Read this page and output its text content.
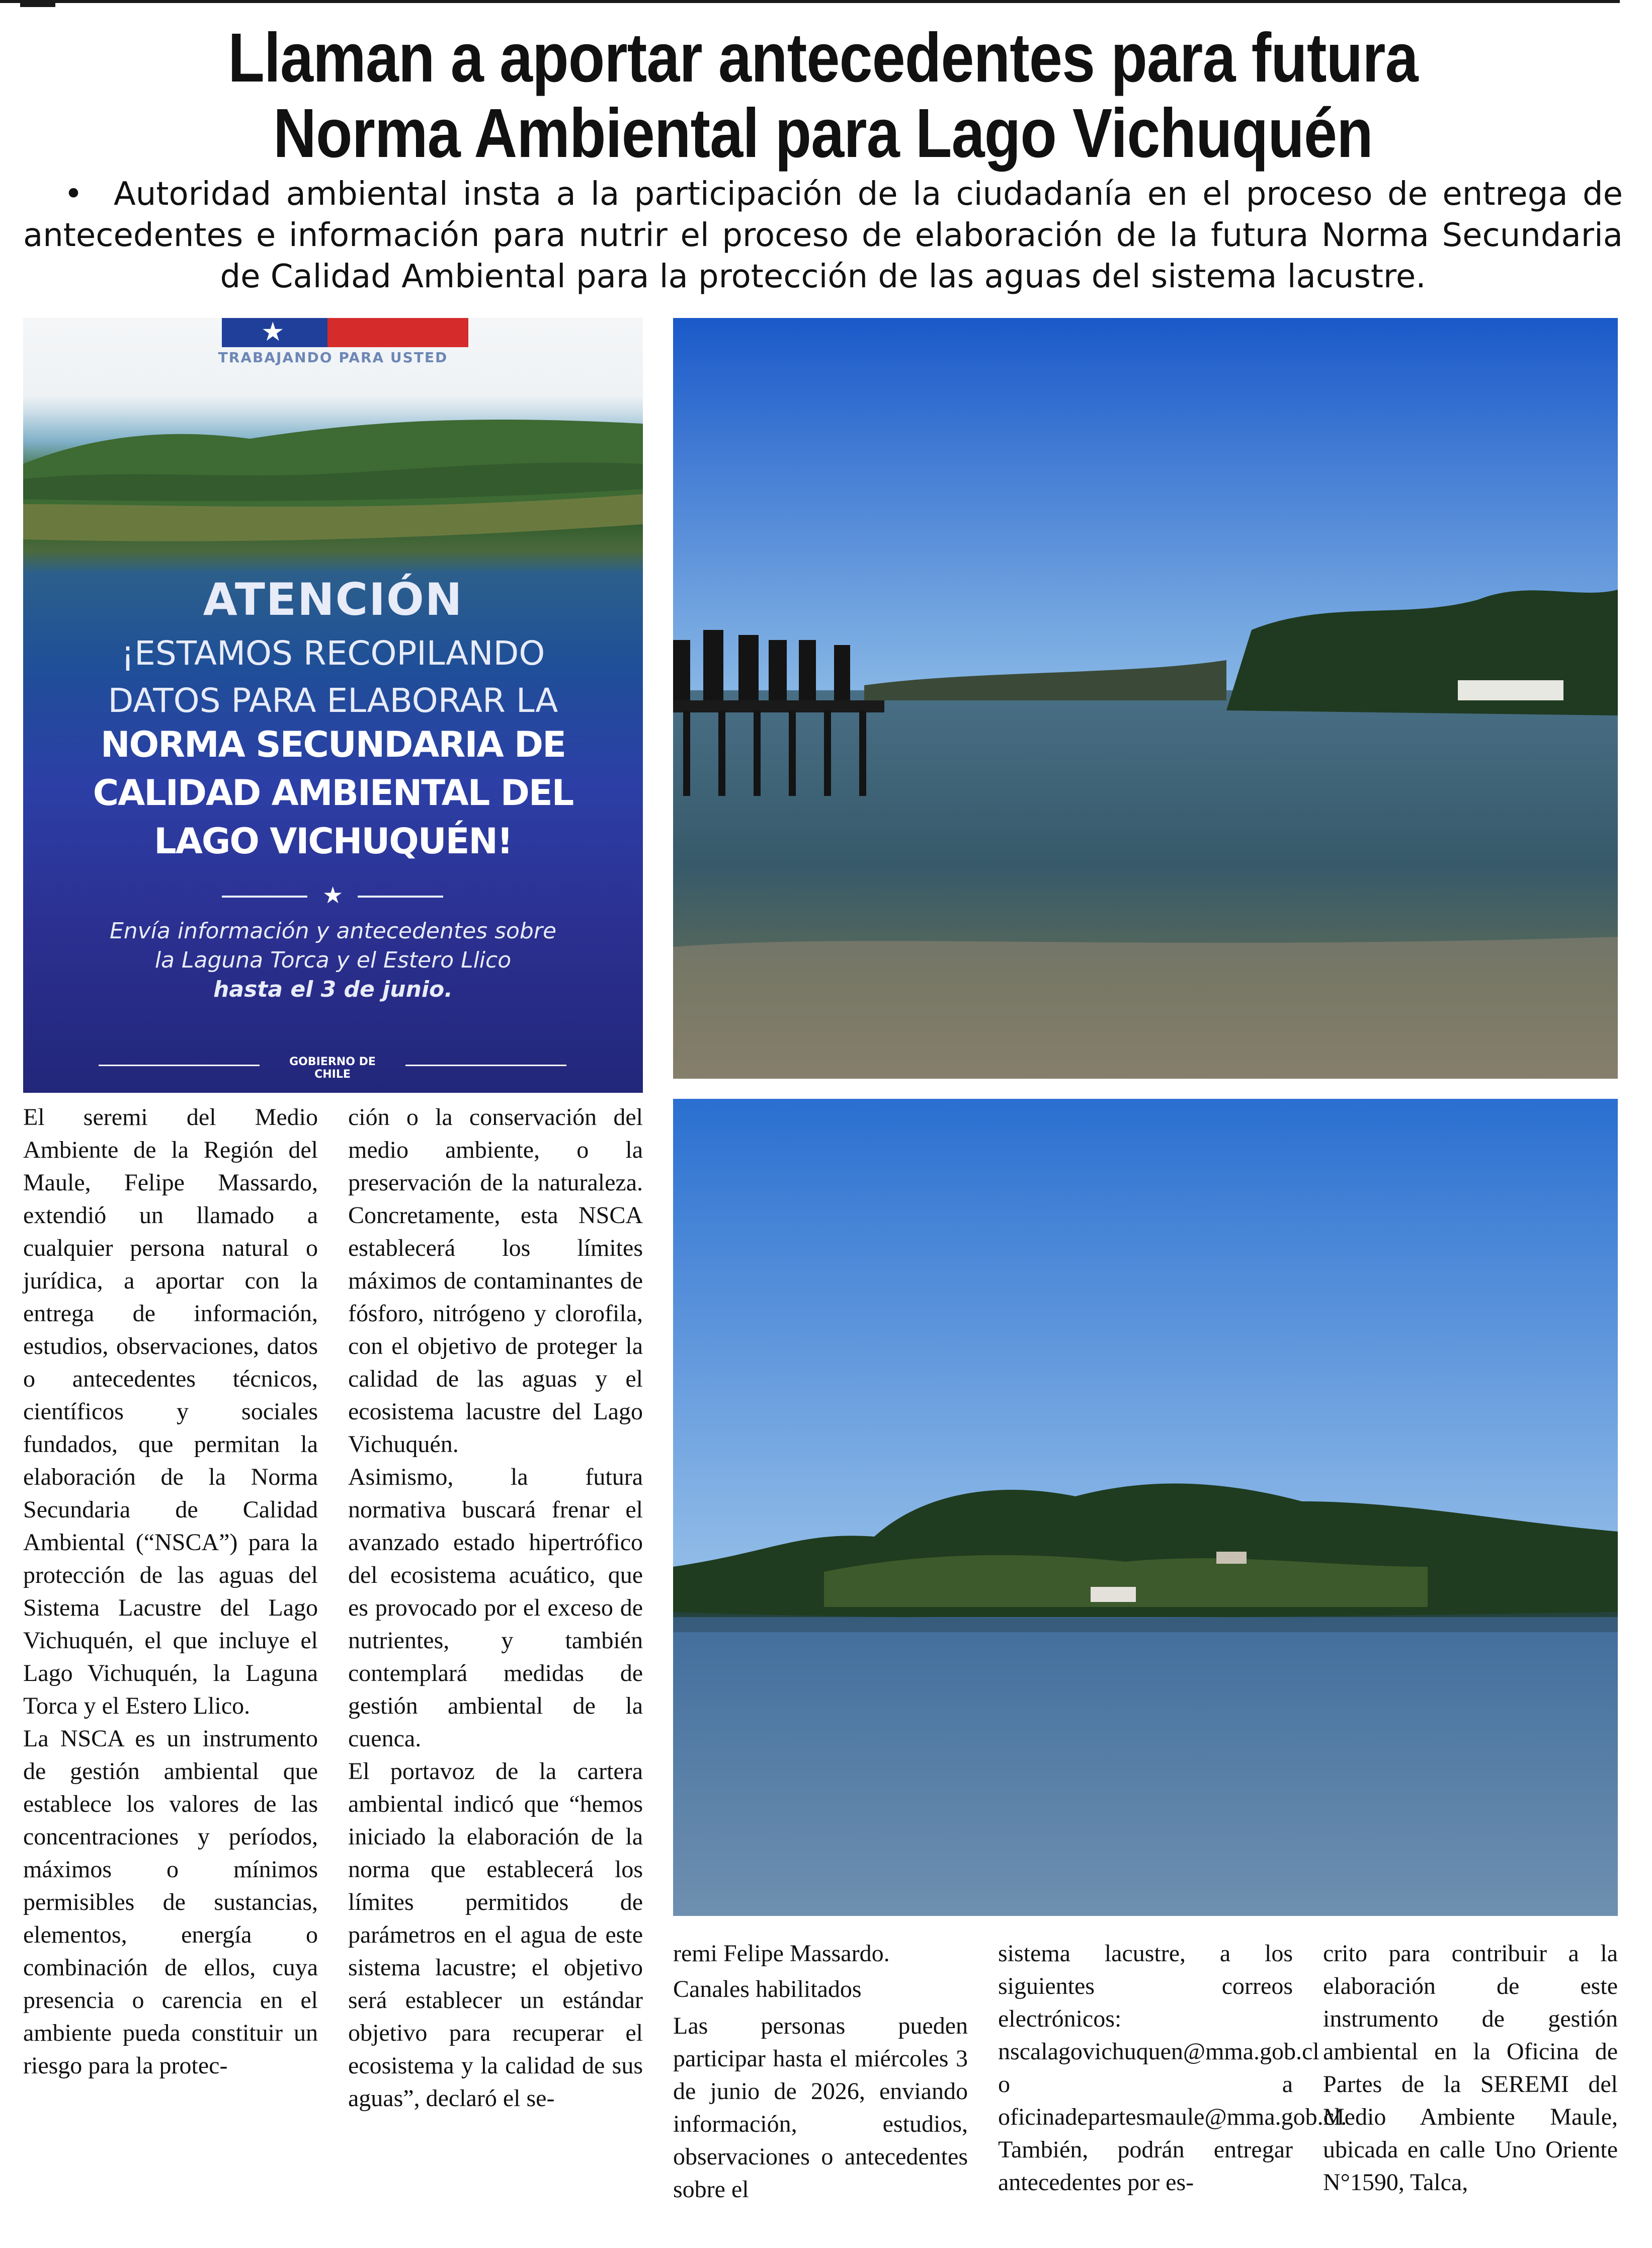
Llaman a aportar antecedentes para futura Norma Ambiental para Lago Vichuquén

• Autoridad ambiental insta a la participación de la ciudadanía en el proceso de entrega de antecedentes e información para nutrir el proceso de elaboración de la futura Norma Secundaria de Calidad Ambiental para la protección de las aguas del sistema lacustre.

★
TRABAJANDO PARA USTED
ATENCIÓN
¡ESTAMOS RECOPILANDO
DATOS PARA ELABORAR LA
NORMA SECUNDARIA DE
CALIDAD AMBIENTAL DEL
LAGO VICHUQUÉN!
★
Envía información y antecedentes sobre
la Laguna Torca y el Estero Llico
hasta el 3 de junio.
GOBIERNO DE CHILE

El seremi del Medio Ambiente de la Región del Maule, Felipe Massardo, extendió un llamado a cualquier persona natural o jurídica, a aportar con la entrega de información, estudios, observaciones, datos o antecedentes técnicos, científicos y sociales fundados, que permitan la elaboración de la Norma Secundaria de Calidad Ambiental (“NSCA”) para la protección de las aguas del Sistema Lacustre del Lago Vichuquén, el que incluye el Lago Vichuquén, la Laguna Torca y el Estero Llico.

La NSCA es un instrumento de gestión ambiental que establece los valores de las concentraciones y períodos, máximos o mínimos permisibles de sustancias, elementos, energía o combinación de ellos, cuya presencia o carencia en el ambiente pueda constituir un riesgo para la protec-

ción o la conservación del medio ambiente, o la preservación de la naturaleza. Concretamente, esta NSCA establecerá los límites máximos de contaminantes de fósforo, nitrógeno y clorofila, con el objetivo de proteger la calidad de las aguas y el ecosistema lacustre del Lago Vichuquén.

Asimismo, la futura normativa buscará frenar el avanzado estado hipertrófico del ecosistema acuático, que es provocado por el exceso de nutrientes, y también contemplará medidas de gestión ambiental de la cuenca.

El portavoz de la cartera ambiental indicó que “hemos iniciado la elaboración de la norma que establecerá los límites permitidos de parámetros en el agua de este sistema lacustre; el objetivo será establecer un estándar objetivo para recuperar el ecosistema y la calidad de sus aguas”, declaró el se-

remi Felipe Massardo.

Canales habilitados

Las personas pueden participar hasta el miércoles 3 de junio de 2026, enviando información, estudios, observaciones o antecedentes sobre el

sistema lacustre, a los siguientes correos electrónicos: nscalagovichuquen@mma.gob.cl o a oficinadepartesmaule@mma.gob.cl.

También, podrán entregar antecedentes por es-

crito para contribuir a la elaboración de este instrumento de gestión ambiental en la Oficina de Partes de la SEREMI del Medio Ambiente Maule, ubicada en calle Uno Oriente N°1590, Talca,
